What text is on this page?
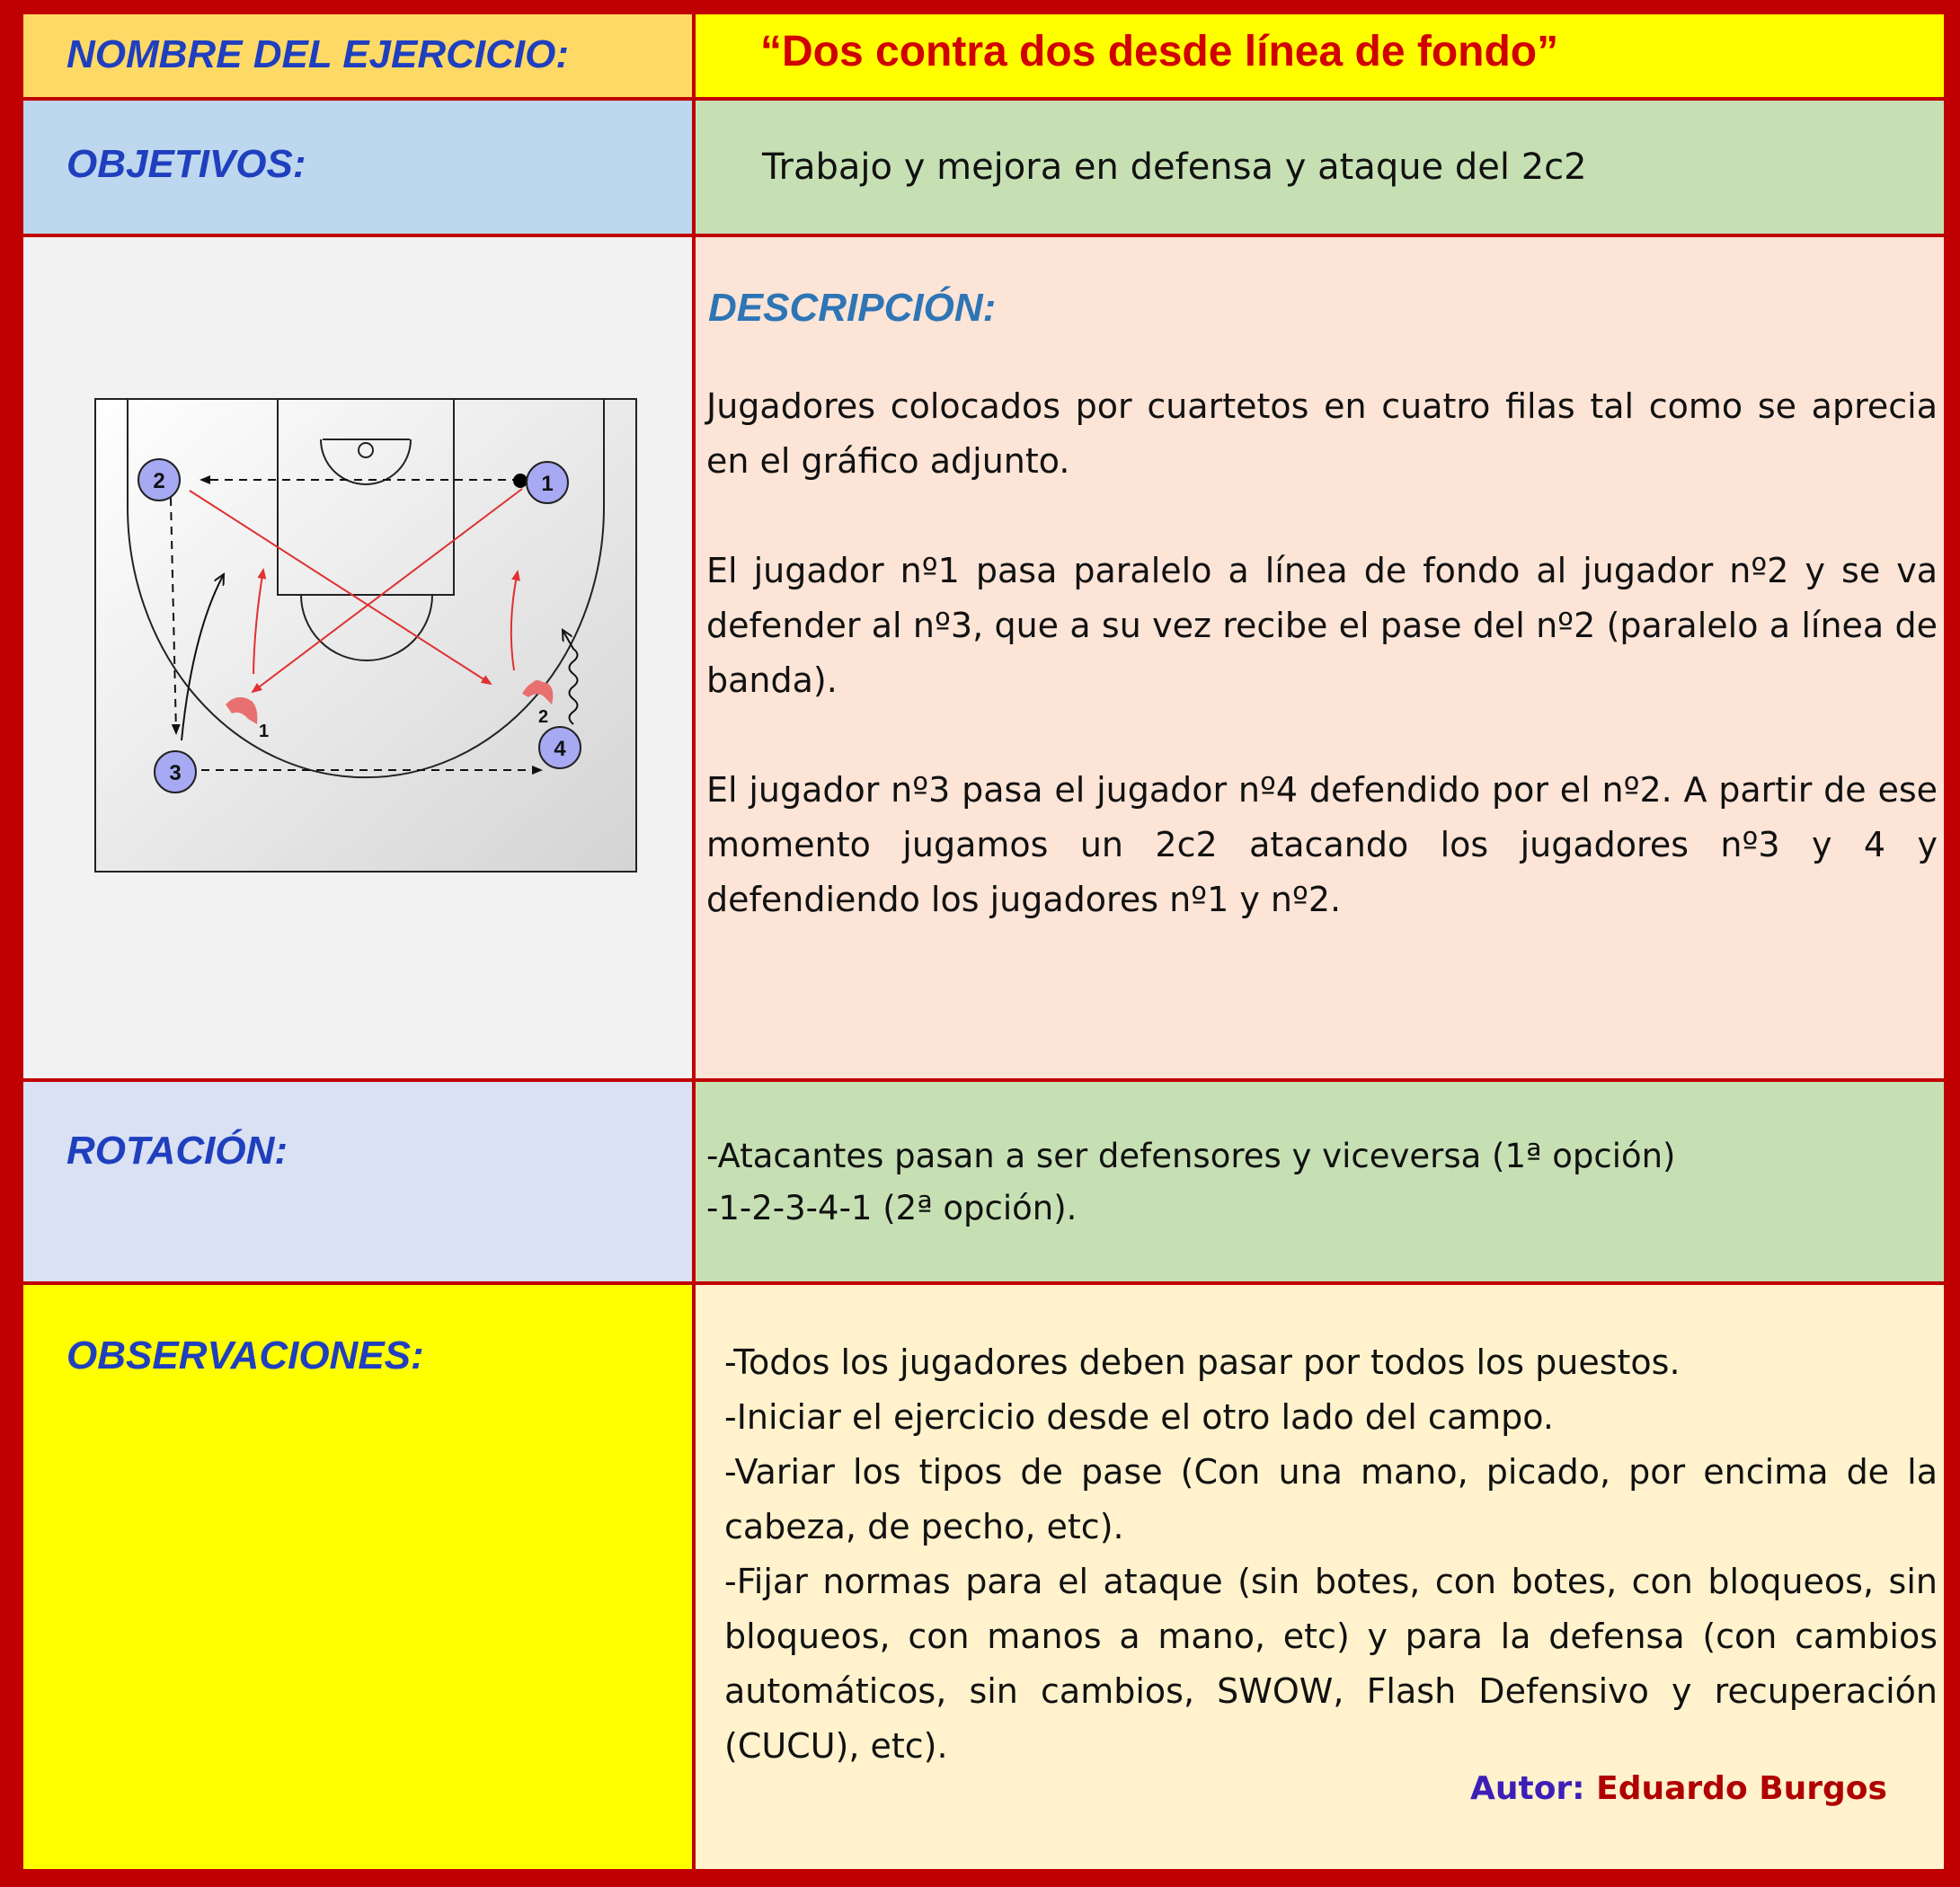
NOMBRE DEL EJERCICIO:	“Dos contra dos desde línea de fondo”
OBJETIVOS:	Trabajo y mejora en defensa y ataque del 2c2
1
2
2	1
3
4
DESCRIPCIÓN:

Jugadores colocados por cuartetos en cuatro filas tal como se aprecia en el gráfico adjunto.

El jugador nº1 pasa paralelo a línea de fondo al jugador nº2 y se va defender al nº3, que a su vez recibe el pase del nº2 (paralelo a línea de banda).

El jugador nº3 pasa el jugador nº4 defendido por el nº2. A partir de ese momento jugamos un 2c2 atacando los jugadores nº3 y 4 y defendiendo los jugadores nº1 y nº2.

ROTACIÓN:	-Atacantes pasan a ser defensores y viceversa (1ª opción)
-1-2-3-4-1 (2ª opción).
OBSERVACIONES:	-Todos los jugadores deben pasar por todos los puestos.

-Iniciar el ejercicio desde el otro lado del campo.

-Variar los tipos de pase (Con una mano, picado, por encima de la cabeza, de pecho, etc).

-Fijar normas para el ataque (sin botes, con botes, con bloqueos, sin bloqueos, con manos a mano, etc) y para la defensa (con cambios automáticos, sin cambios, SWOW, Flash Defensivo y recuperación (CUCU), etc).

Autor: Eduardo Burgos
